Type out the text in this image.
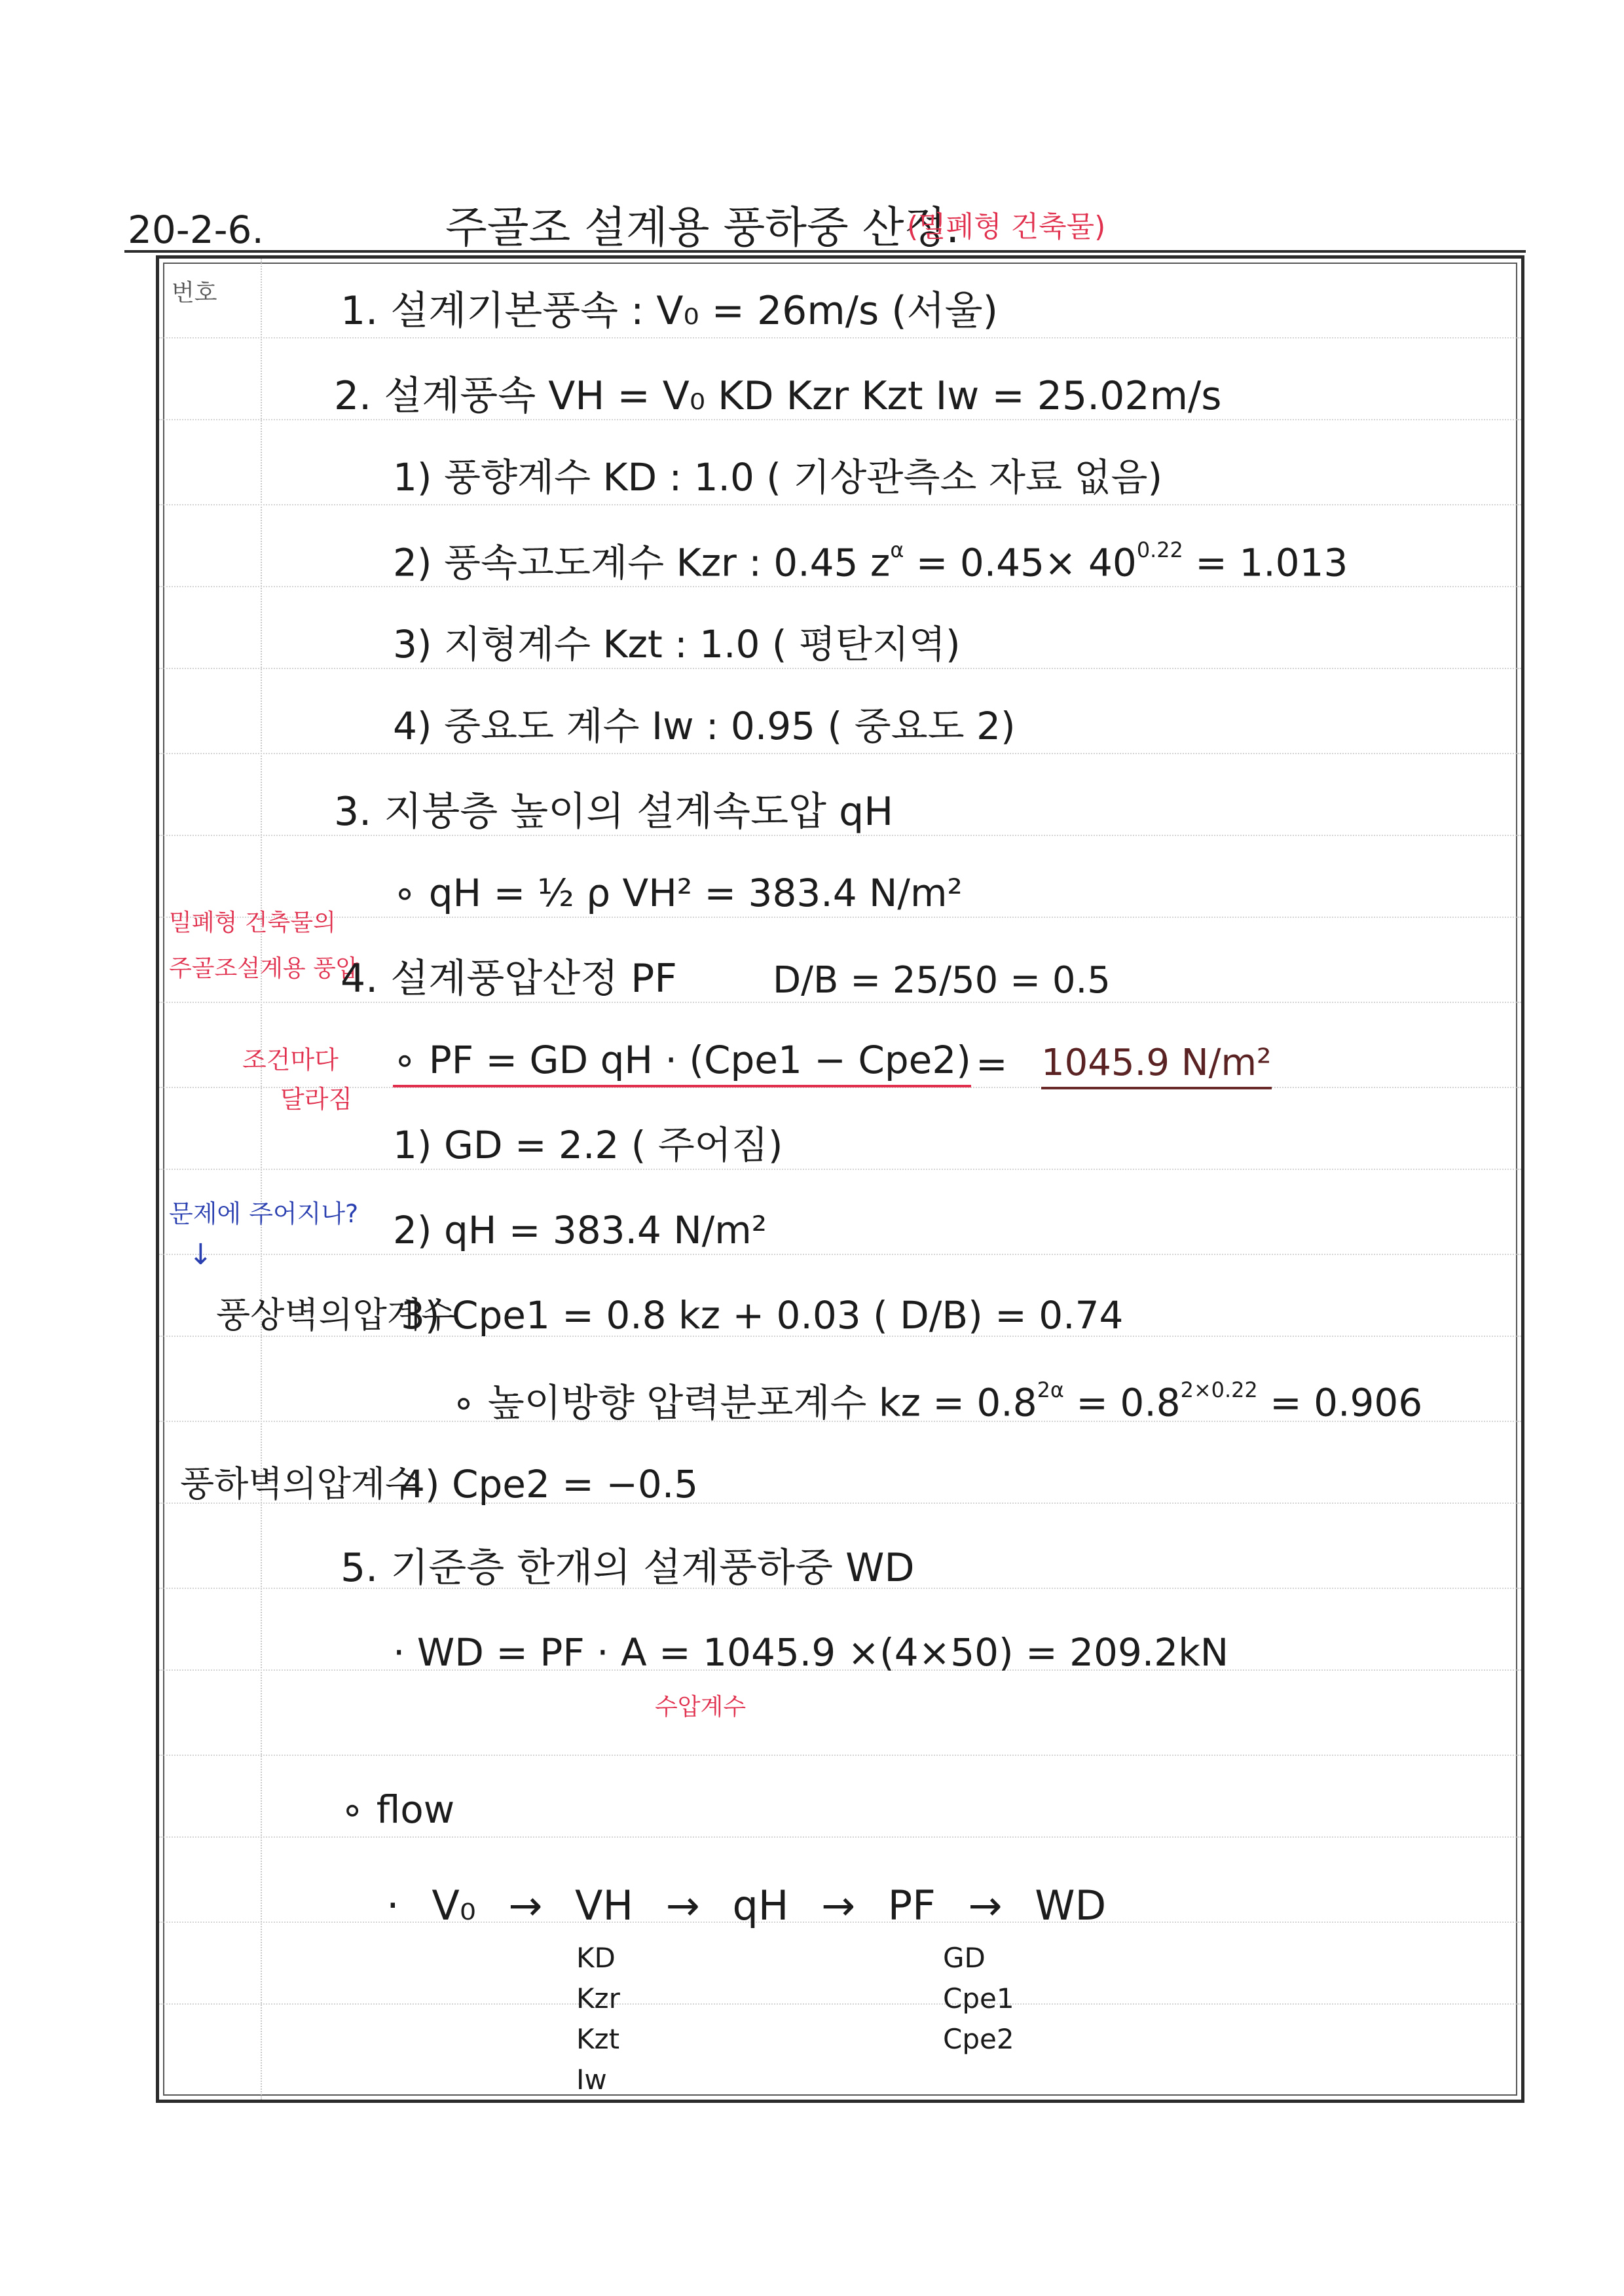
20-2-6.	주골조 설계용 풍하중 산정.
(밀폐형 건축물)
번호	1. 설계기본풍속 : V₀ = 26m/s (서울)
2. 설계풍속 VH = V₀ KD Kzr Kzt Iw = 25.02m/s
1) 풍향계수 KD : 1.0 ( 기상관측소 자료 없음)
2) 풍속고도계수 Kzr : 0.45 $z^\alpha = 0.45\times 40^{0.22} = 1.013$
3) 지형계수 Kzt : 1.0 ( 평탄지역)
4) 중요도 계수 Iw : 0.95 ( 중요도 2)
3. 지붕층 높이의 설계속도압 qH
∘ qH = ½ ρ VH² = 383.4 N/m²
밀폐형 건축물의
주골조설계용 풍압
4. 설계풍압산정 PF	D/B = 25/50 = 0.5
조건마다
달라짐
∘ PF = GD qH · (Cpe1 − Cpe2) = 1045.9 N/m²
1) GD = 2.2 ( 주어짐)
문제에 주어지나?
↓
2) qH = 383.4 N/m²
풍상벽의압계수
3) Cpe1 = 0.8 kz + 0.03 ( D/B) = 0.74
∘ 높이방향 압력분포계수 kz = $0.8^{2\alpha} = 0.8^{2\times 0.22} = 0.906$
풍하벽의압계수
4) Cpe2 = −0.5
5. 기준층 한개의 설계풍하중 WD
· WD = PF · A = 1045.9 ×(4×50) = 209.2kN
수압계수
∘ flow
· V₀ → VH → qH → PF → WD
KD
Kzr
Kzt
Iw
GD
Cpe1
Cpe2
